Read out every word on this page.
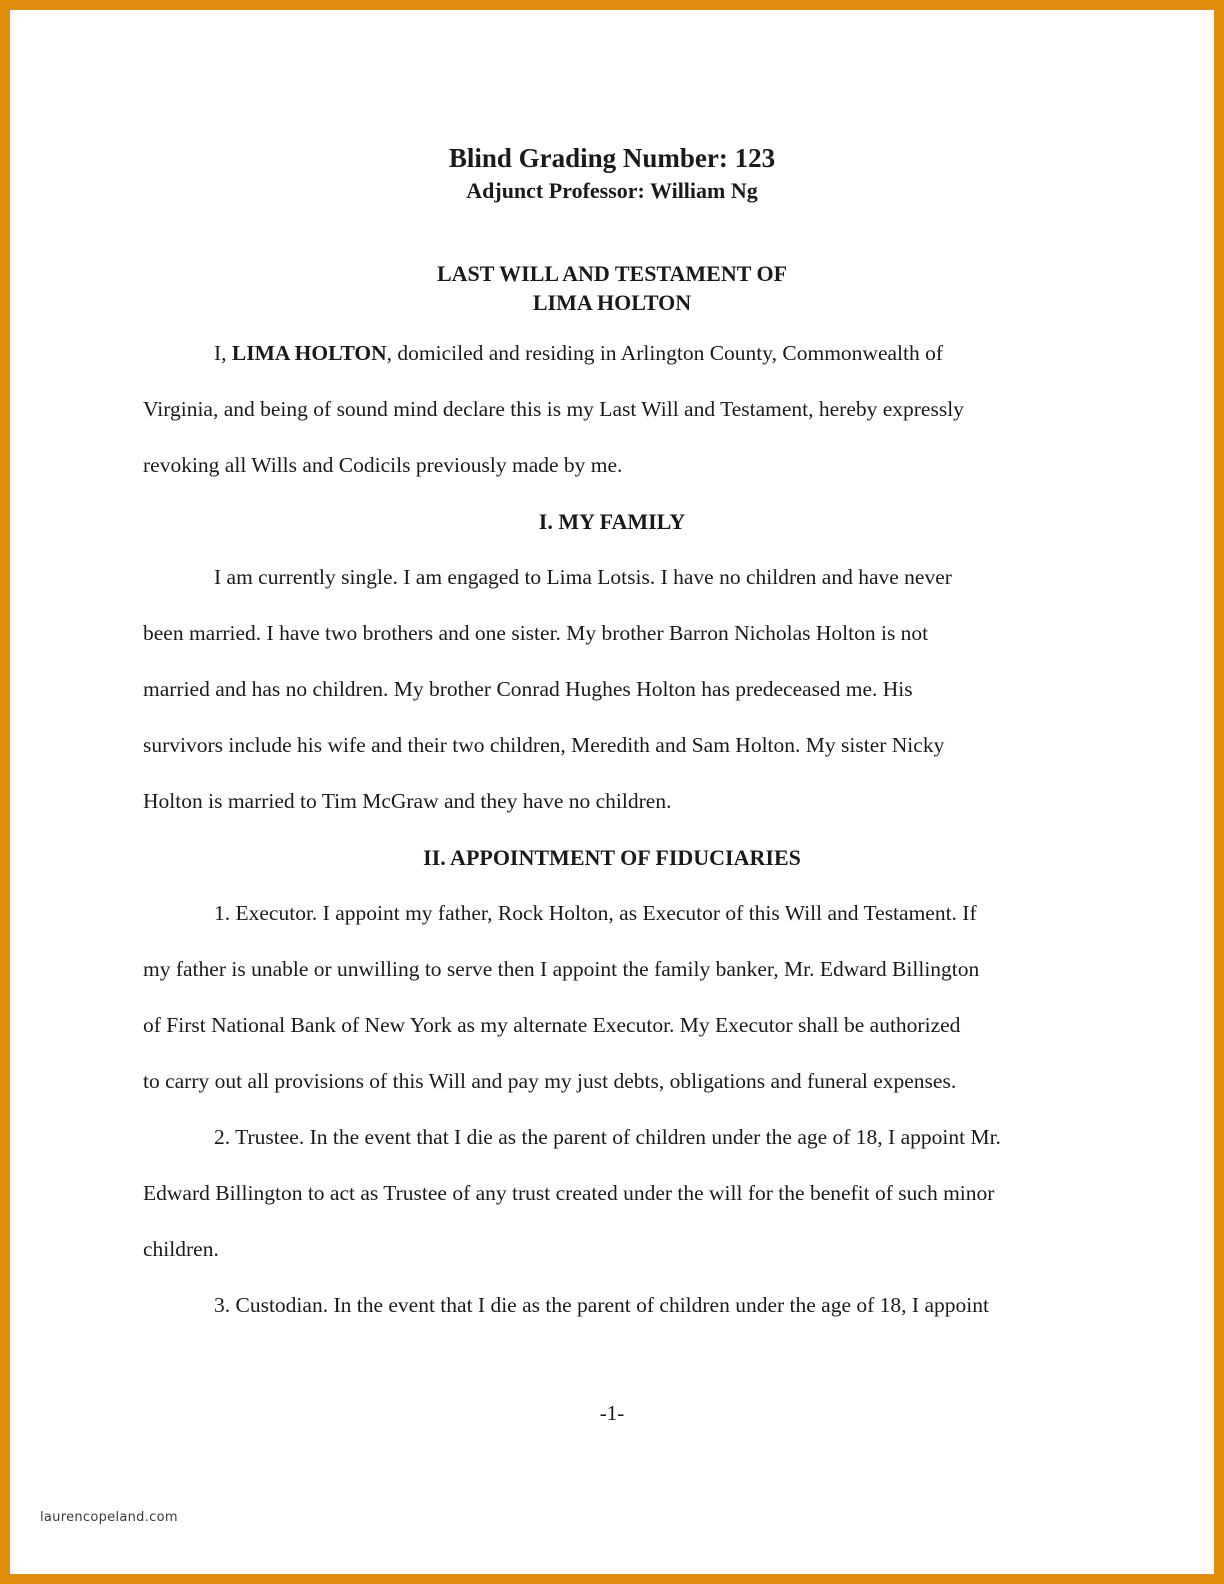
Blind Grading Number: 123
Adjunct Professor: William Ng
LAST WILL AND TESTAMENT OF
LIMA HOLTON
I, LIMA HOLTON, domiciled and residing in Arlington County, Commonwealth of
Virginia, and being of sound mind declare this is my Last Will and Testament, hereby expressly
revoking all Wills and Codicils previously made by me.
I. MY FAMILY
I am currently single. I am engaged to Lima Lotsis. I have no children and have never
been married. I have two brothers and one sister. My brother Barron Nicholas Holton is not
married and has no children. My brother Conrad Hughes Holton has predeceased me. His
survivors include his wife and their two children, Meredith and Sam Holton. My sister Nicky
Holton is married to Tim McGraw and they have no children.
II. APPOINTMENT OF FIDUCIARIES
1. Executor. I appoint my father, Rock Holton, as Executor of this Will and Testament. If
my father is unable or unwilling to serve then I appoint the family banker, Mr. Edward Billington
of First National Bank of New York as my alternate Executor. My Executor shall be authorized
to carry out all provisions of this Will and pay my just debts, obligations and funeral expenses.
2. Trustee. In the event that I die as the parent of children under the age of 18, I appoint Mr.
Edward Billington to act as Trustee of any trust created under the will for the benefit of such minor
children.
3. Custodian. In the event that I die as the parent of children under the age of 18, I appoint
-1-
laurencopeland.com
